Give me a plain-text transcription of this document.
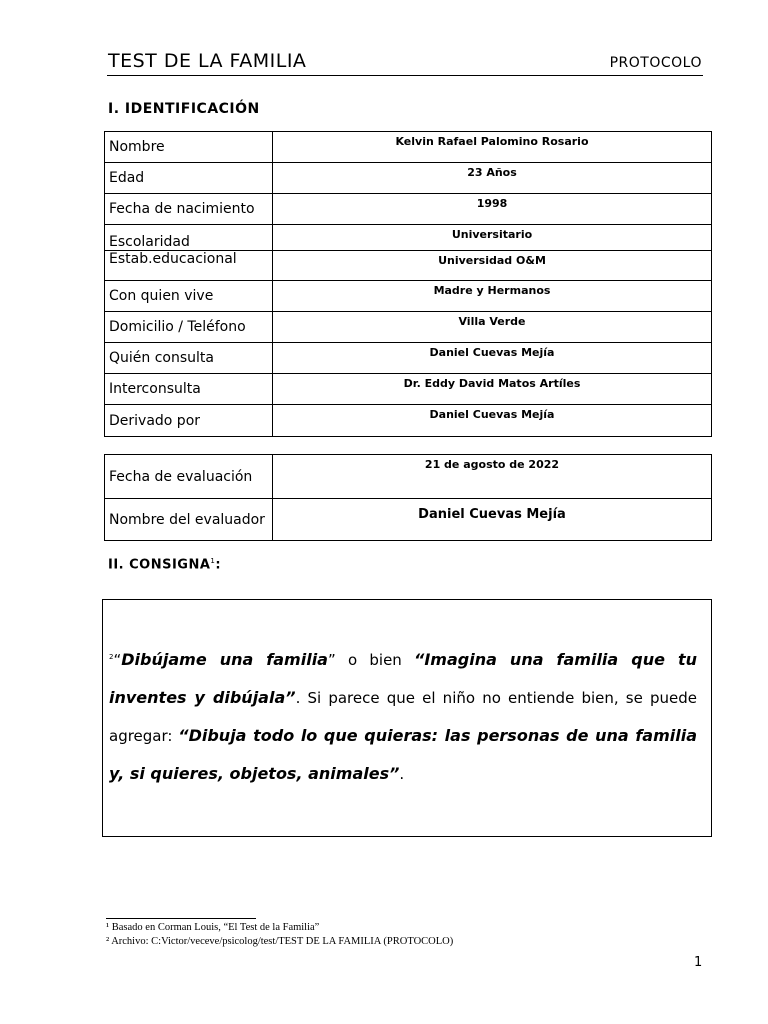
TEST DE LA FAMILIA	PROTOCOLO
I. IDENTIFICACIÓN
Nombre	Kelvin Rafael Palomino Rosario
Edad	23 Años
Fecha de nacimiento	1998
Escolaridad	Universitario
Estab.educacional	Universidad O&M
Con quien vive	Madre y Hermanos
Domicilio / Teléfono	Villa Verde
Quién consulta	Daniel Cuevas Mejía
Interconsulta	Dr. Eddy David Matos Artíles
Derivado por	Daniel Cuevas Mejía
Fecha de evaluación	21 de agosto de 2022
Nombre del evaluador	Daniel Cuevas Mejía
II. CONSIGNA$^1$:
$^2$“Dibújame una familia” o bien “Imagina una familia que tu inventes y dibújala”. Si parece que el niño no entiende bien, se puede agregar: “Dibuja todo lo que quieras: las personas de una familia y, si quieres, objetos, animales”.
¹ Basado en Corman Louis, “El Test de la Familia”
² Archivo: C:Victor/veceve/psicolog/test/TEST DE LA FAMILIA (PROTOCOLO)
1
